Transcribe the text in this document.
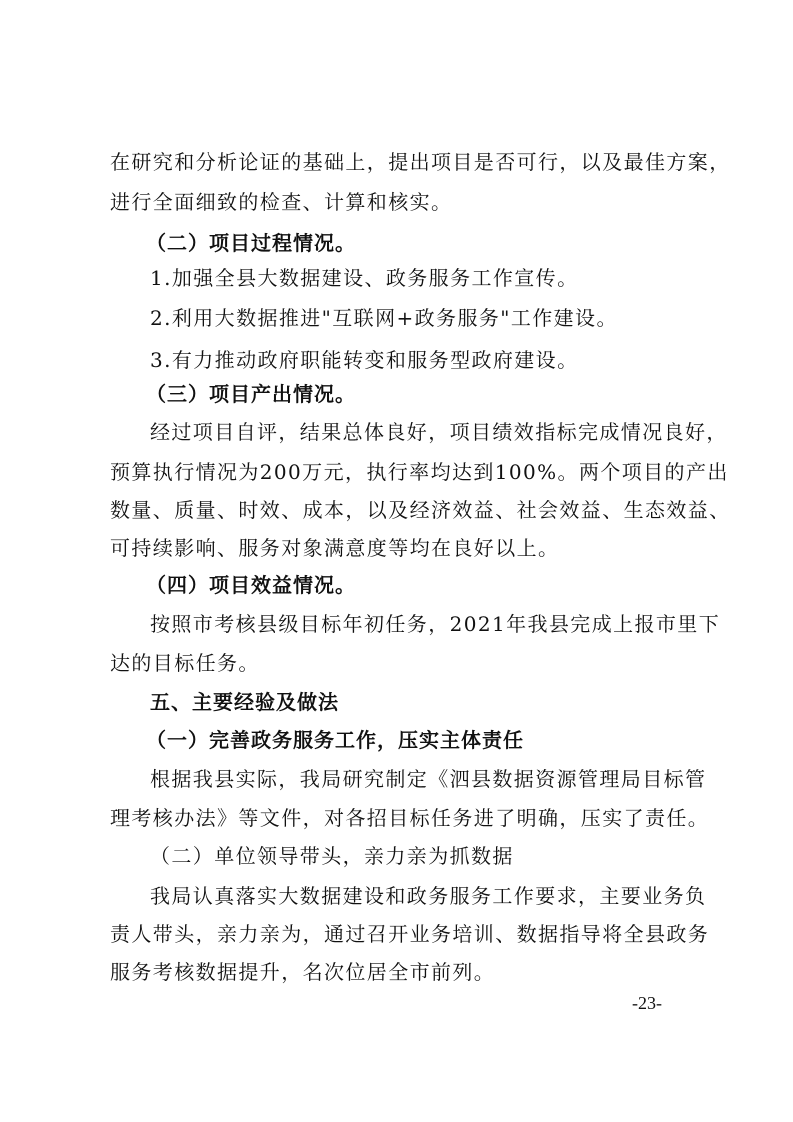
在研究和分析论证的基础上，提出项目是否可行，以及最佳方案，
进行全面细致的检查、计算和核实。
（二）项目过程情况。
1.加强全县大数据建设、政务服务工作宣传。
2.利用大数据推进"互联网+政务服务"工作建设。
3.有力推动政府职能转变和服务型政府建设。
（三）项目产出情况。
经过项目自评，结果总体良好，项目绩效指标完成情况良好，
预算执行情况为200万元，执行率均达到100%。两个项目的产出
数量、质量、时效、成本，以及经济效益、社会效益、生态效益、
可持续影响、服务对象满意度等均在良好以上。
（四）项目效益情况。
按照市考核县级目标年初任务，2021年我县完成上报市里下
达的目标任务。
五、主要经验及做法
（一）完善政务服务工作，压实主体责任
根据我县实际，我局研究制定《泗县数据资源管理局目标管
理考核办法》等文件，对各招目标任务进了明确，压实了责任。
（二）单位领导带头，亲力亲为抓数据
我局认真落实大数据建设和政务服务工作要求，主要业务负
责人带头，亲力亲为，通过召开业务培训、数据指导将全县政务
服务考核数据提升，名次位居全市前列。
-23-
